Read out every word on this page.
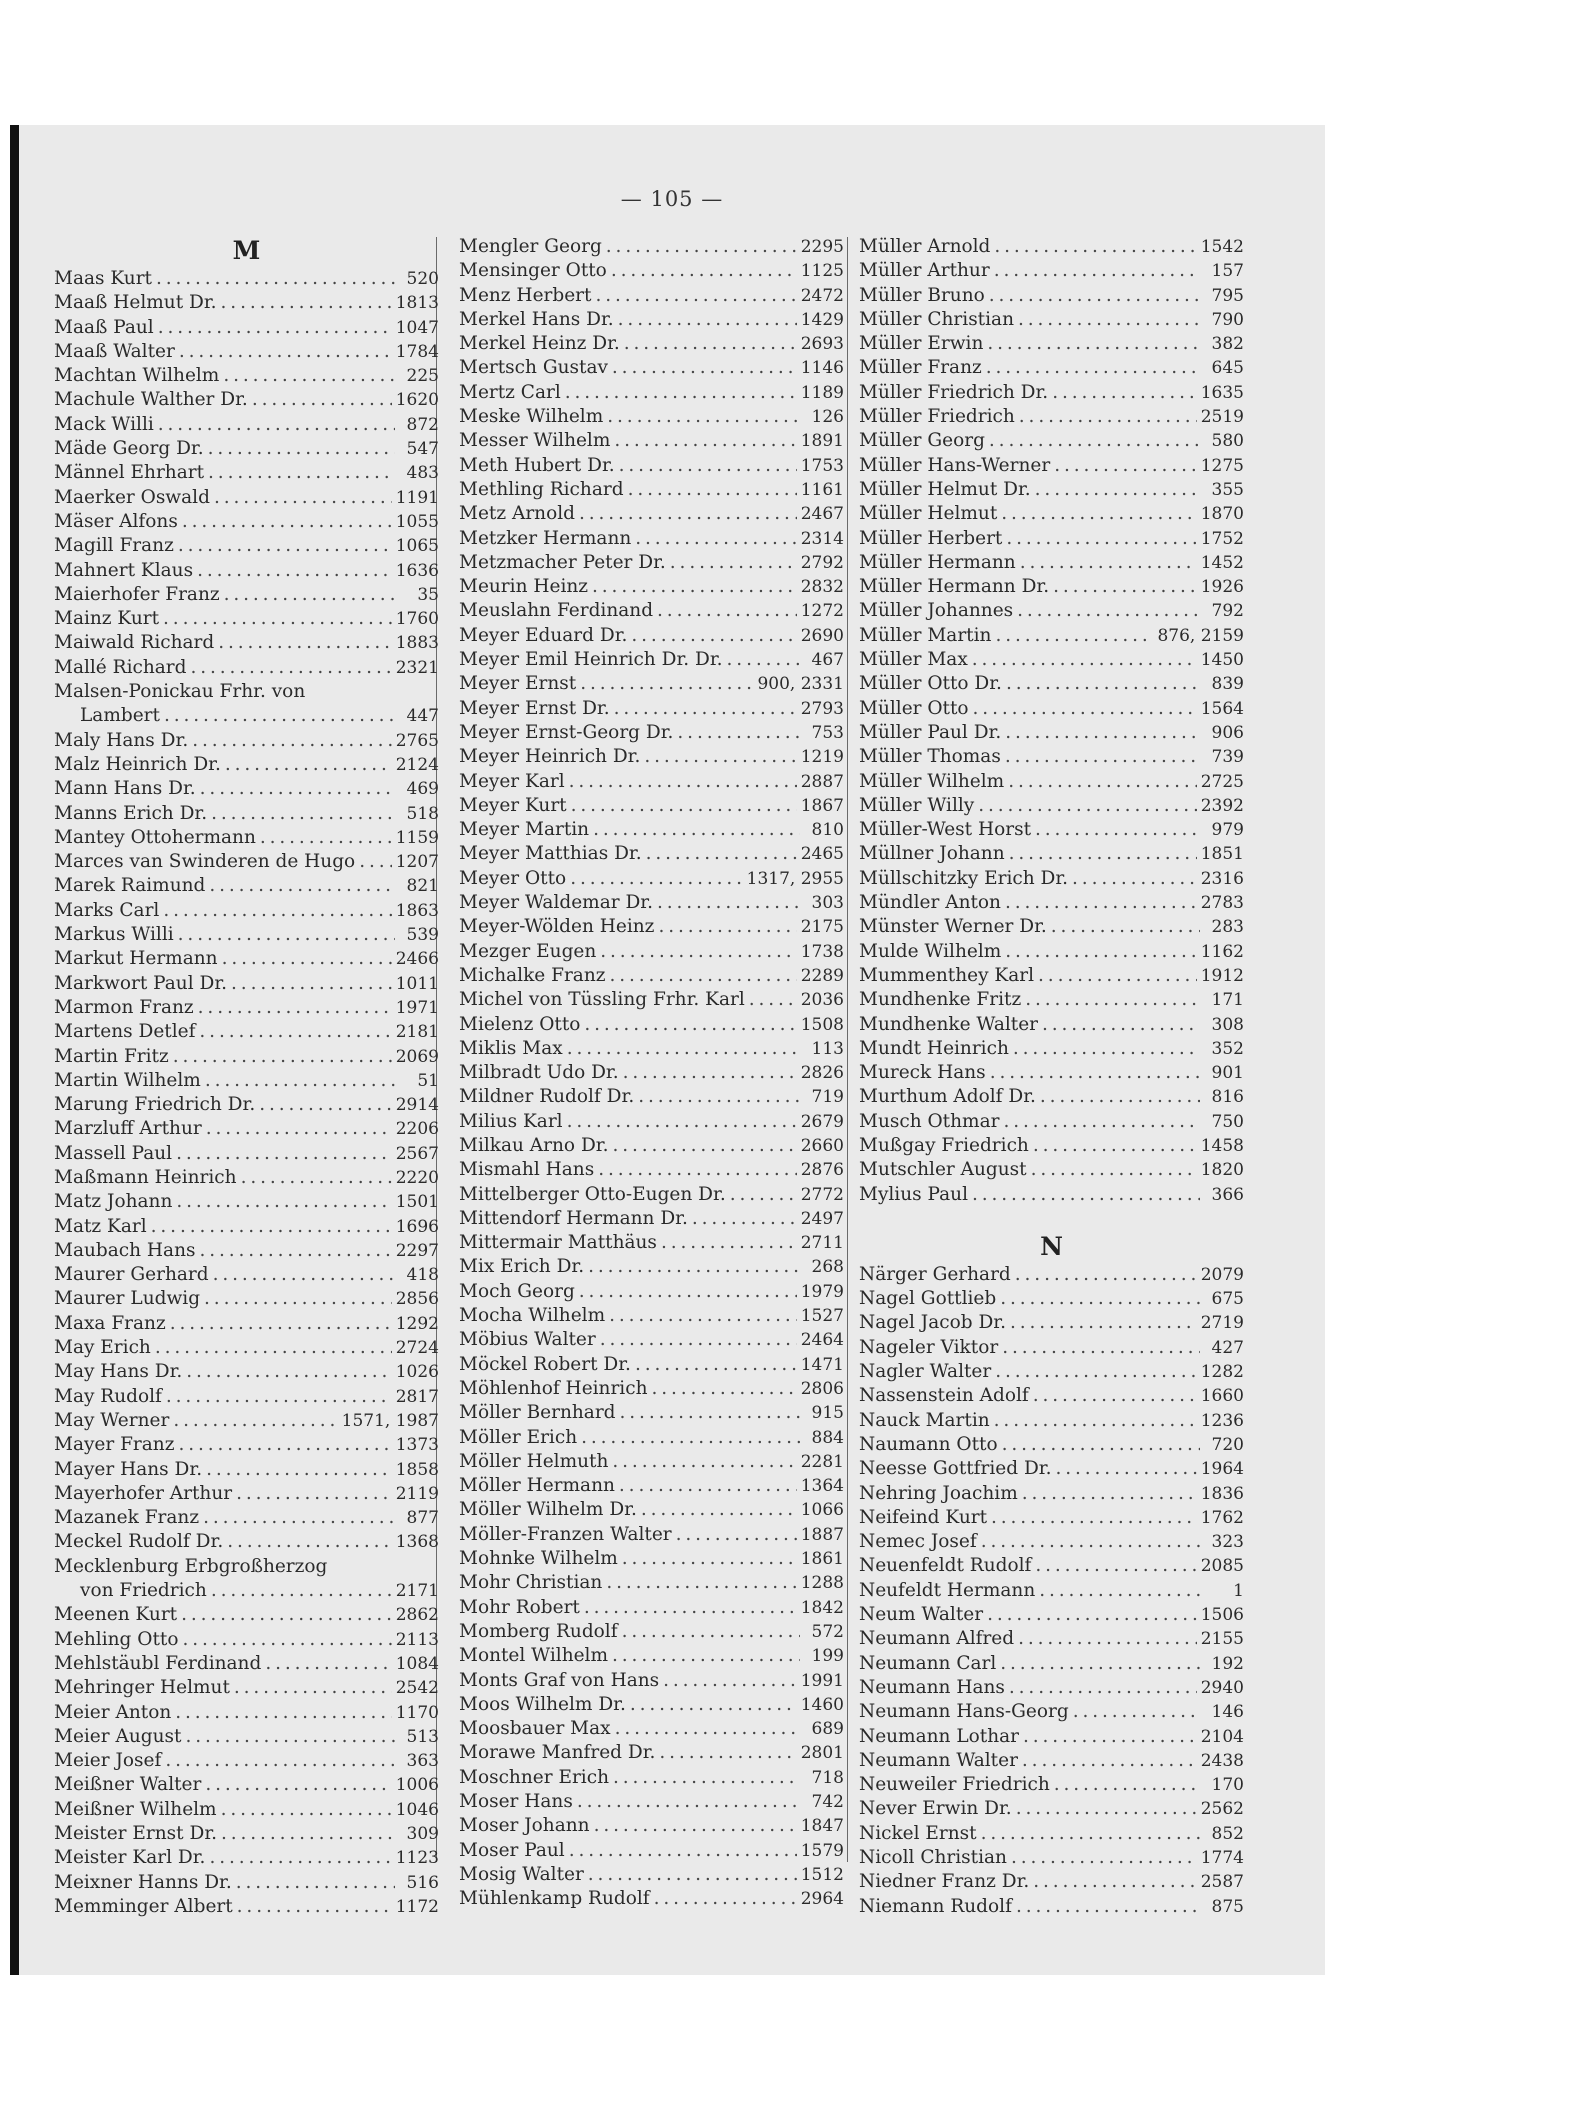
— 105 —
M
Maas Kurt . . .	520
Maaß Helmut Dr. . . .	1813
Maaß Paul . . .	1047
Maaß Walter . . .	1784
Machtan Wilhelm . . .	225
Machule Walther Dr. . . .	1620
Mack Willi . . .	872
Mäde Georg Dr. . . .	547
Männel Ehrhart . . .	483
Maerker Oswald . . .	1191
Mäser Alfons . . .	1055
Magill Franz . . .	1065
Mahnert Klaus . . .	1636
Maierhofer Franz . . .	35
Mainz Kurt . . .	1760
Maiwald Richard . . .	1883
Mallé Richard . . .	2321
Malsen-Ponickau Frhr. von
Lambert . . .	447
Maly Hans Dr. . . .	2765
Malz Heinrich Dr. . . .	2124
Mann Hans Dr. . . .	469
Manns Erich Dr. . . .	518
Mantey Ottohermann . . .	1159
Marces van Swinderen de Hugo . . . 1207
Marek Raimund . . .	821
Marks Carl . . .	1863
Markus Willi . . .	539
Markut Hermann . . .	2466
Markwort Paul Dr. . . .	1011
Marmon Franz . . .	1971
Martens Detlef . . .	2181
Martin Fritz . . .	2069
Martin Wilhelm . . .	51
Marung Friedrich Dr. . . .	2914
Marzluff Arthur . . .	2206
Massell Paul . . .	2567
Maßmann Heinrich . . .	2220
Matz Johann . . .	1501
Matz Karl . . .	1696
Maubach Hans . . .	2297
Maurer Gerhard . . .	418
Maurer Ludwig . . .	2856
Maxa Franz . . .	1292
May Erich . . .	2724
May Hans Dr. . . .	1026
May Rudolf . . .	2817
May Werner . . .	1571, 1987
Mayer Franz . . .	1373
Mayer Hans Dr. . . .	1858
Mayerhofer Arthur . . .	2119
Mazanek Franz . . .	877
Meckel Rudolf Dr. . . .	1368
Mecklenburg Erbgroßherzog
von Friedrich . . .	2171
Meenen Kurt . . .	2862
Mehling Otto . . .	2113
Mehlstäubl Ferdinand . . .	1084
Mehringer Helmut . . .	2542
Meier Anton . . .	1170
Meier August . . .	513
Meier Josef . . .	363
Meißner Walter . . .	1006
Meißner Wilhelm . . .	1046
Meister Ernst Dr. . . .	309
Meister Karl Dr. . . .	1123
Meixner Hanns Dr. . . .	516
Memminger Albert . . .	1172
Mengler Georg . . .	2295
Mensinger Otto . . .	1125
Menz Herbert . . .	2472
Merkel Hans Dr. . . .	1429
Merkel Heinz Dr. . . .	2693
Mertsch Gustav . . .	1146
Mertz Carl . . .	1189
Meske Wilhelm . . .	126
Messer Wilhelm . . .	1891
Meth Hubert Dr. . . .	1753
Methling Richard . . .	1161
Metz Arnold . . .	2467
Metzker Hermann . . .	2314
Metzmacher Peter Dr. . . .	2792
Meurin Heinz . . .	2832
Meuslahn Ferdinand . . .	1272
Meyer Eduard Dr. . . .	2690
Meyer Emil Heinrich Dr. Dr. . . .	467
Meyer Ernst . . .	900, 2331
Meyer Ernst Dr. . . .	2793
Meyer Ernst-Georg Dr. . . .	753
Meyer Heinrich Dr. . . .	1219
Meyer Karl . . .	2887
Meyer Kurt . . .	1867
Meyer Martin . . .	810
Meyer Matthias Dr. . . .	2465
Meyer Otto . . .	1317, 2955
Meyer Waldemar Dr. . . .	303
Meyer-Wölden Heinz . . .	2175
Mezger Eugen . . .	1738
Michalke Franz . . .	2289
Michel von Tüssling Frhr. Karl . . .	2036
Mielenz Otto . . .	1508
Miklis Max . . .	113
Milbradt Udo Dr. . . .	2826
Mildner Rudolf Dr. . . .	719
Milius Karl . . .	2679
Milkau Arno Dr. . . .	2660
Mismahl Hans . . .	2876
Mittelberger Otto-Eugen Dr. . . .	2772
Mittendorf Hermann Dr. . . .	2497
Mittermair Matthäus . . .	2711
Mix Erich Dr. . . .	268
Moch Georg . . .	1979
Mocha Wilhelm . . .	1527
Möbius Walter . . .	2464
Möckel Robert Dr. . . .	1471
Möhlenhof Heinrich . . .	2806
Möller Bernhard . . .	915
Möller Erich . . .	884
Möller Helmuth . . .	2281
Möller Hermann . . .	1364
Möller Wilhelm Dr. . . .	1066
Möller-Franzen Walter . . .	1887
Mohnke Wilhelm . . .	1861
Mohr Christian . . .	1288
Mohr Robert . . .	1842
Momberg Rudolf . . .	572
Montel Wilhelm . . .	199
Monts Graf von Hans . . .	1991
Moos Wilhelm Dr. . . .	1460
Moosbauer Max . . .	689
Morawe Manfred Dr. . . .	2801
Moschner Erich . . .	718
Moser Hans . . .	742
Moser Johann . . .	1847
Moser Paul . . .	1579
Mosig Walter . . .	1512
Mühlenkamp Rudolf . . .	2964
Müller Arnold . . .	1542
Müller Arthur . . .	157
Müller Bruno . . .	795
Müller Christian . . .	790
Müller Erwin . . .	382
Müller Franz . . .	645
Müller Friedrich Dr. . . .	1635
Müller Friedrich . . .	2519
Müller Georg . . .	580
Müller Hans-Werner . . .	1275
Müller Helmut Dr. . . .	355
Müller Helmut . . .	1870
Müller Herbert . . .	1752
Müller Hermann . . .	1452
Müller Hermann Dr. . . .	1926
Müller Johannes . . .	792
Müller Martin . . .	876, 2159
Müller Max . . .	1450
Müller Otto Dr. . . .	839
Müller Otto . . .	1564
Müller Paul Dr. . . .	906
Müller Thomas . . .	739
Müller Wilhelm . . .	2725
Müller Willy . . .	2392
Müller-West Horst . . .	979
Müllner Johann . . .	1851
Müllschitzky Erich Dr. . . .	2316
Mündler Anton . . .	2783
Münster Werner Dr. . . .	283
Mulde Wilhelm . . .	1162
Mummenthey Karl . . .	1912
Mundhenke Fritz . . .	171
Mundhenke Walter . . .	308
Mundt Heinrich . . .	352
Mureck Hans . . .	901
Murthum Adolf Dr. . . .	816
Musch Othmar . . .	750
Mußgay Friedrich . . .	1458
Mutschler August . . .	1820
Mylius Paul . . .	366
N
Närger Gerhard . . .	2079
Nagel Gottlieb . . .	675
Nagel Jacob Dr. . . .	2719
Nageler Viktor . . .	427
Nagler Walter . . .	1282
Nassenstein Adolf . . .	1660
Nauck Martin . . .	1236
Naumann Otto . . .	720
Neesse Gottfried Dr. . . .	1964
Nehring Joachim . . .	1836
Neifeind Kurt . . .	1762
Nemec Josef . . .	323
Neuenfeldt Rudolf . . .	2085
Neufeldt Hermann . . .	1
Neum Walter . . .	1506
Neumann Alfred . . .	2155
Neumann Carl . . .	192
Neumann Hans . . .	2940
Neumann Hans-Georg . . .	146
Neumann Lothar . . .	2104
Neumann Walter . . .	2438
Neuweiler Friedrich . . .	170
Never Erwin Dr. . . .	2562
Nickel Ernst . . .	852
Nicoll Christian . . .	1774
Niedner Franz Dr. . . .	2587
Niemann Rudolf . . .	875
